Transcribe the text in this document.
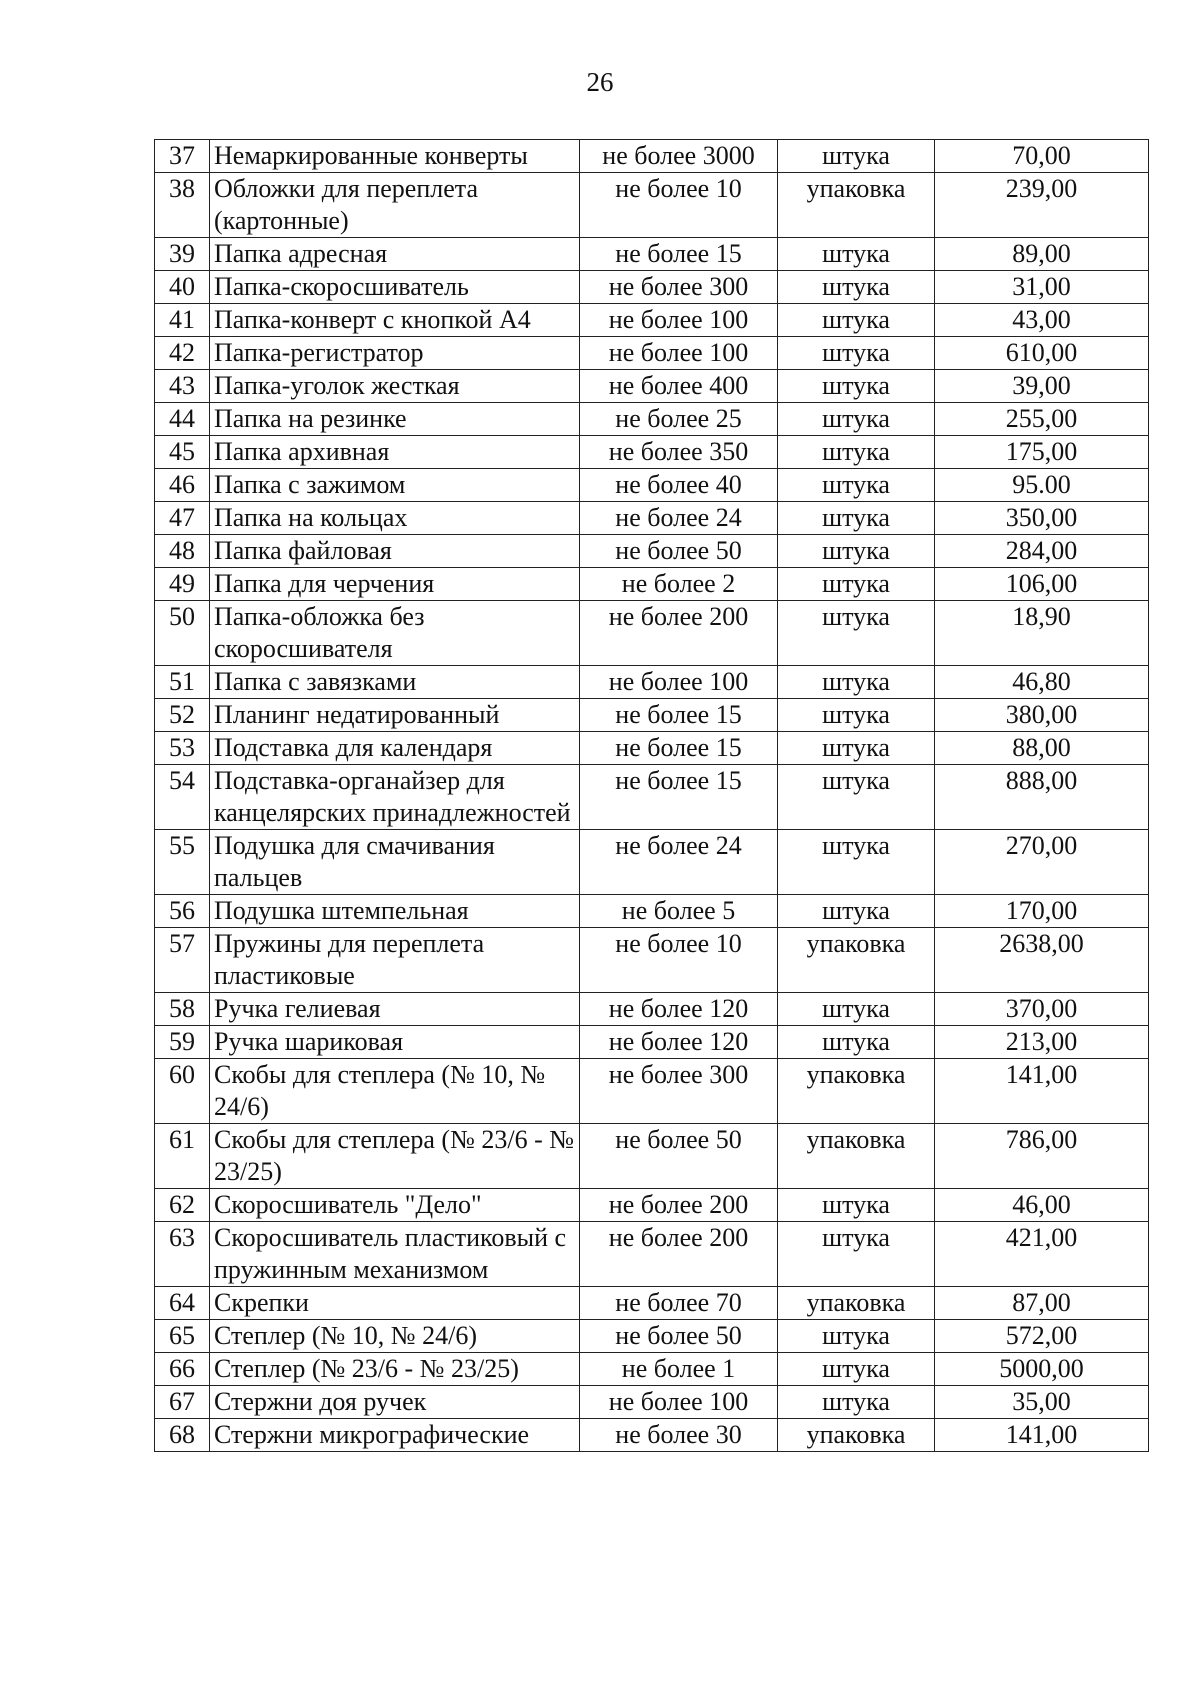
26
37	Немаркированные конверты	не более 3000	штука	70,00
38	Обложки для переплета (картонные)	не более 10	упаковка	239,00
39	Папка адресная	не более 15	штука	89,00
40	Папка-скоросшиватель	не более 300	штука	31,00
41	Папка-конверт с кнопкой А4	не более 100	штука	43,00
42	Папка-регистратор	не более 100	штука	610,00
43	Папка-уголок жесткая	не более 400	штука	39,00
44	Папка на резинке	не более 25	штука	255,00
45	Папка архивная	не более 350	штука	175,00
46	Папка с зажимом	не более 40	штука	95.00
47	Папка на кольцах	не более 24	штука	350,00
48	Папка файловая	не более 50	штука	284,00
49	Папка для черчения	не более 2	штука	106,00
50	Папка-обложка без скоросшивателя	не более 200	штука	18,90
51	Папка с завязками	не более 100	штука	46,80
52	Планинг недатированный	не более 15	штука	380,00
53	Подставка для календаря	не более 15	штука	88,00
54	Подставка-органайзер для канцелярских принадлежностей	не более 15	штука	888,00
55	Подушка для смачивания пальцев	не более 24	штука	270,00
56	Подушка штемпельная	не более 5	штука	170,00
57	Пружины для переплета пластиковые	не более 10	упаковка	2638,00
58	Ручка гелиевая	не более 120	штука	370,00
59	Ручка шариковая	не более 120	штука	213,00
60	Скобы для степлера (№ 10, № 24/6)	не более 300	упаковка	141,00
61	Скобы для степлера (№ 23/6 - № 23/25)	не более 50	упаковка	786,00
62	Скоросшиватель "Дело"	не более 200	штука	46,00
63	Скоросшиватель пластиковый с пружинным механизмом	не более 200	штука	421,00
64	Скрепки	не более 70	упаковка	87,00
65	Степлер (№ 10, № 24/6)	не более 50	штука	572,00
66	Степлер (№ 23/6 - № 23/25)	не более 1	штука	5000,00
67	Стержни доя ручек	не более 100	штука	35,00
68	Стержни микрографические	не более 30	упаковка	141,00
